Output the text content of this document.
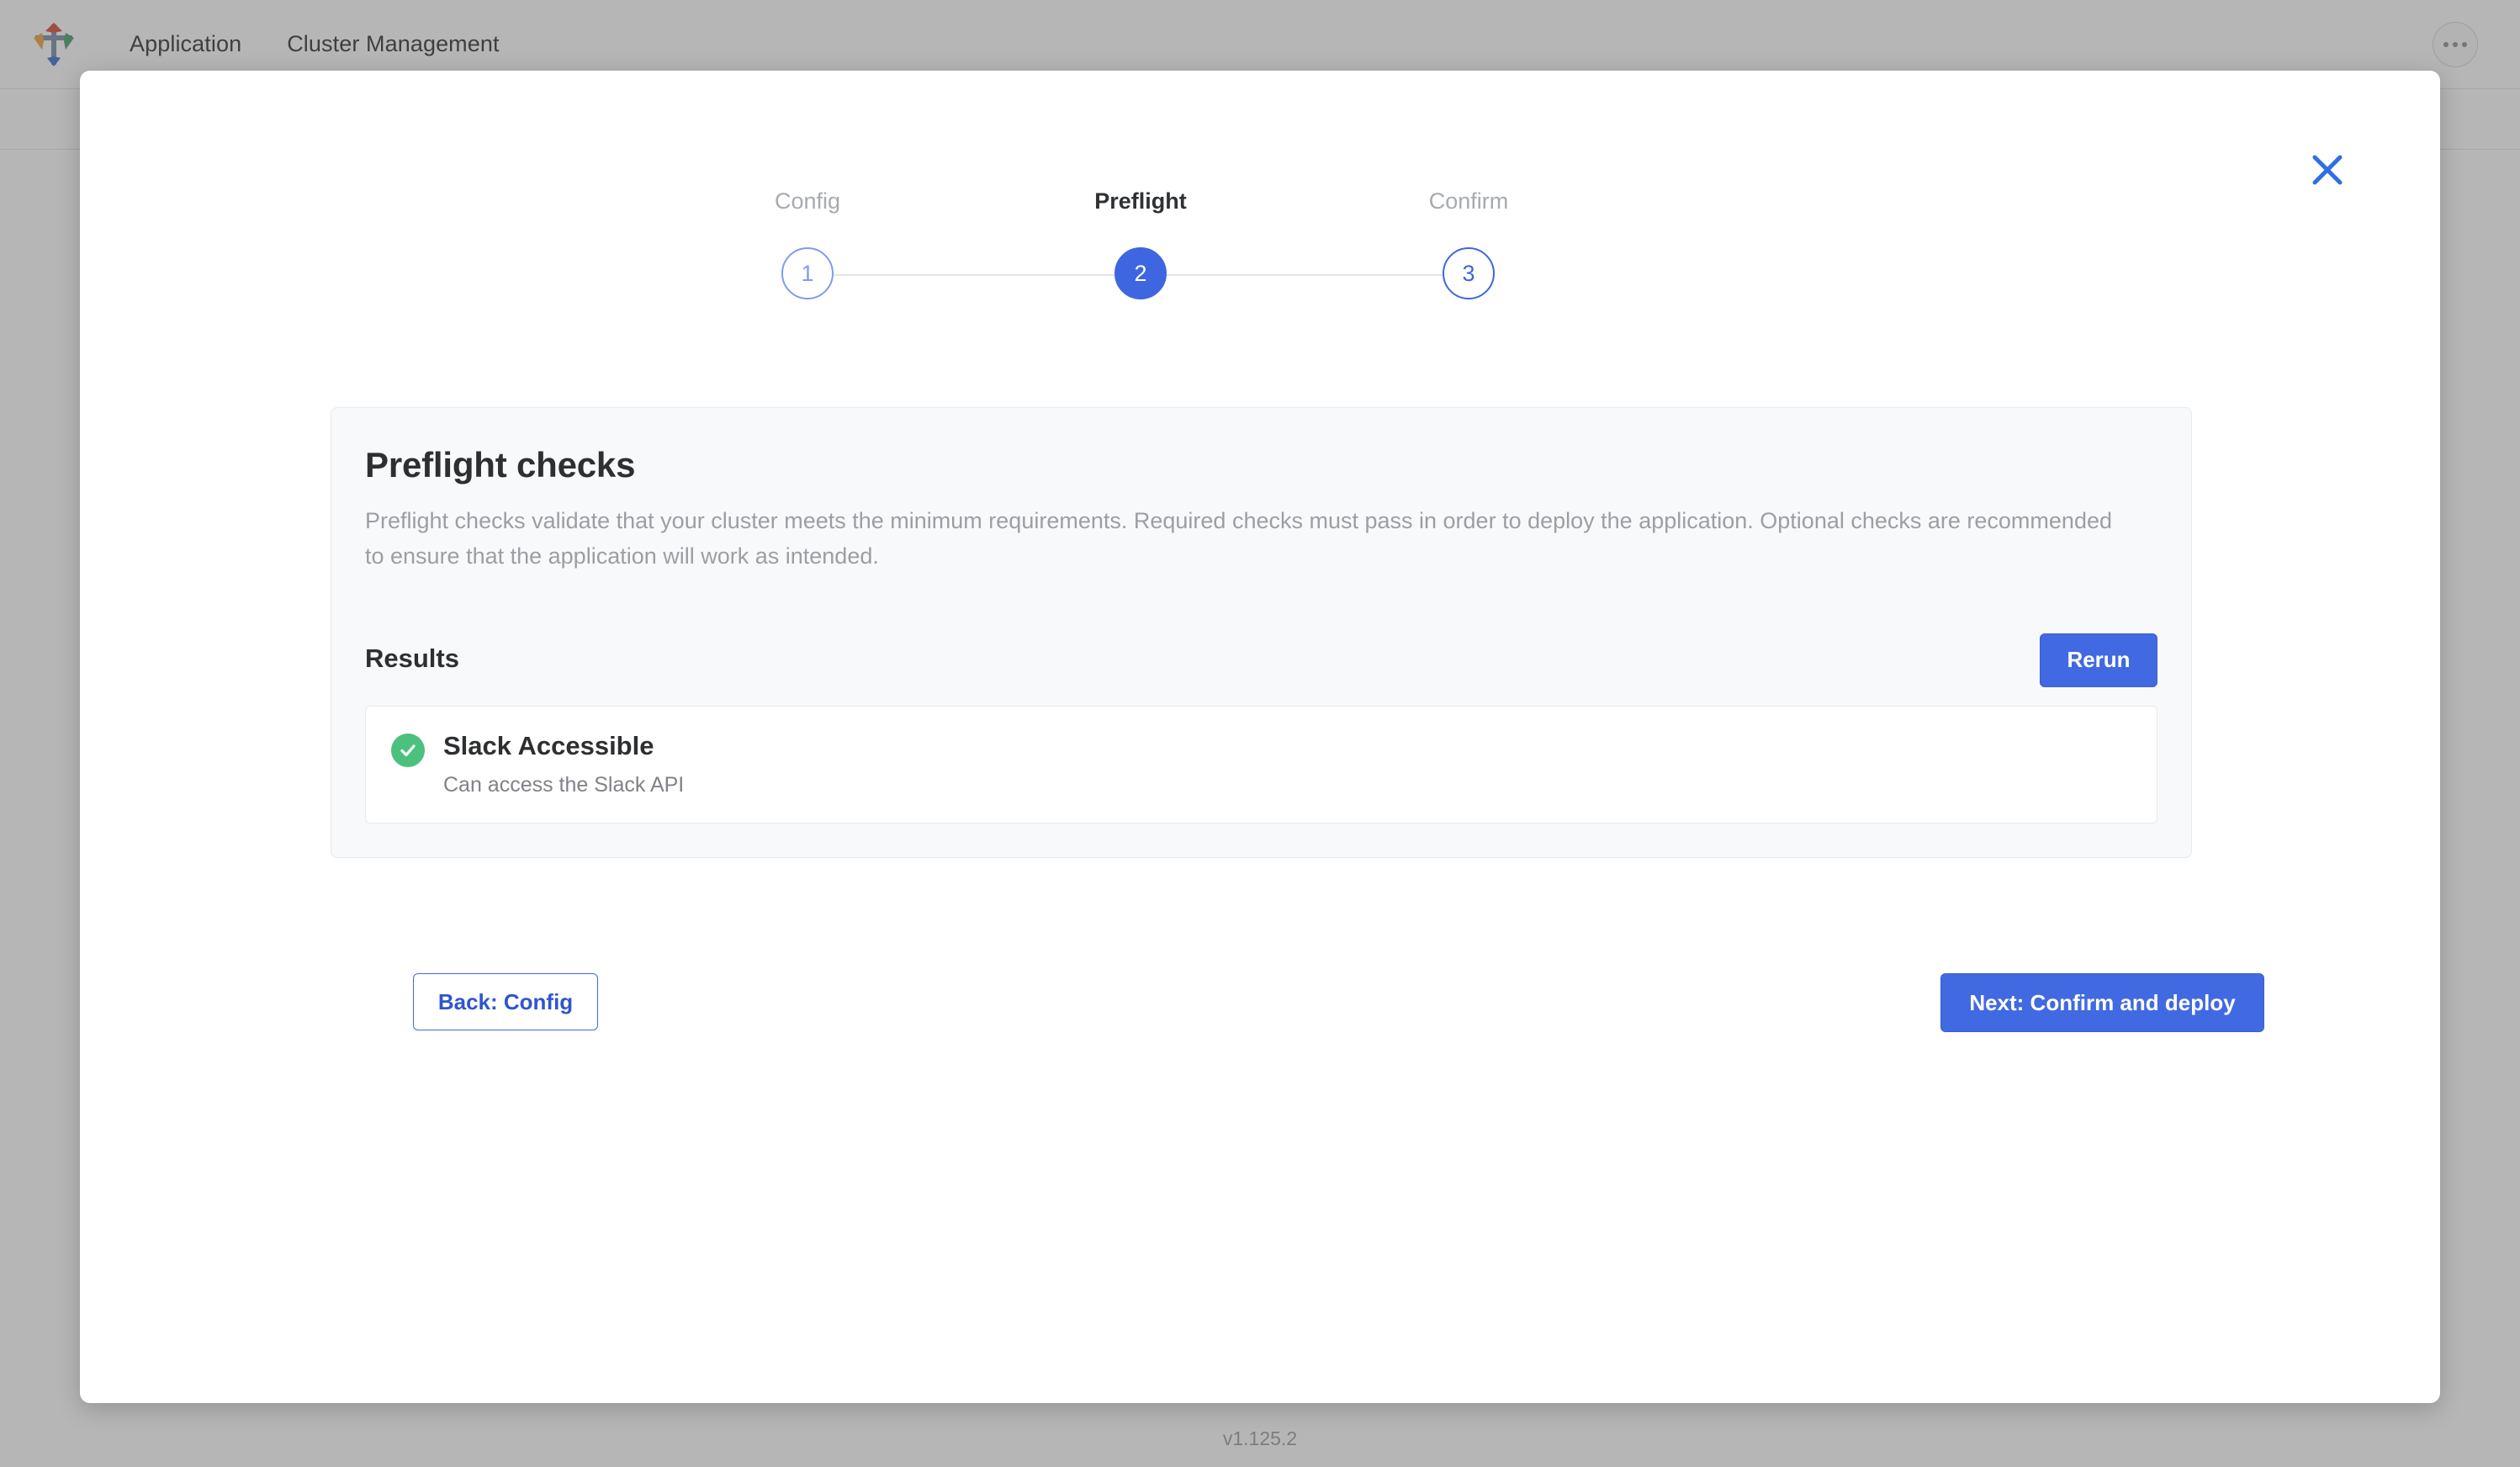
Application Cluster Management
v1.125.2
Config	Preflight	Confirm
1	2	3
Preflight checks

Preflight checks validate that your cluster meets the minimum requirements. Required checks must pass in order to deploy the application. Optional checks are recommended to ensure that the application will work as intended.

Results	Rerun
Slack Accessible
Can access the Slack API
Back: Config	Next: Confirm and deploy
